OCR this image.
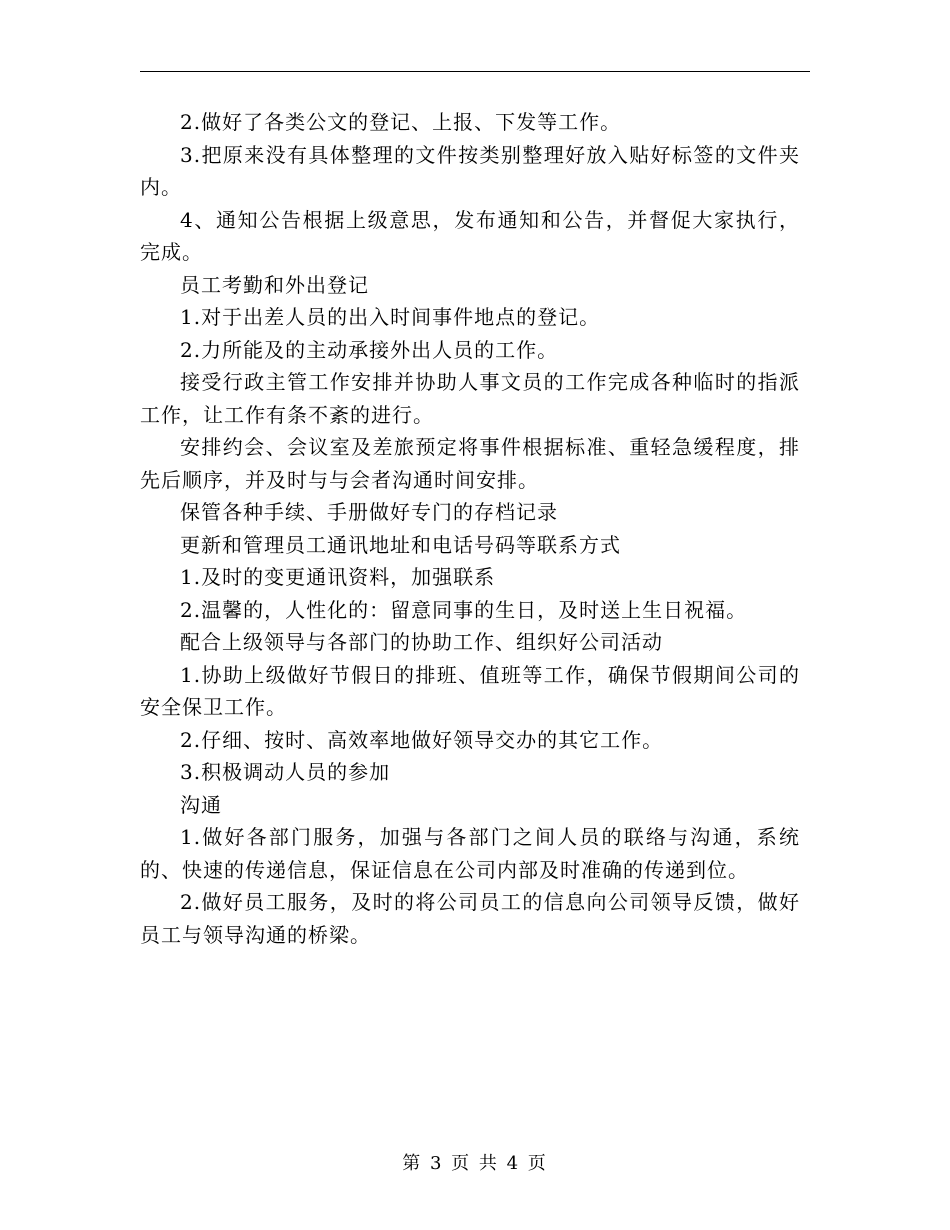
2.做好了各类公文的登记、上报、下发等工作。

3.把原来没有具体整理的文件按类别整理好放入贴好标签的文件夹内。

4、通知公告根据上级意思，发布通知和公告，并督促大家执行，完成。

员工考勤和外出登记

1.对于出差人员的出入时间事件地点的登记。

2.力所能及的主动承接外出人员的工作。

接受行政主管工作安排并协助人事文员的工作完成各种临时的指派工作，让工作有条不紊的进行。

安排约会、会议室及差旅预定将事件根据标准、重轻急缓程度，排先后顺序，并及时与与会者沟通时间安排。

保管各种手续、手册做好专门的存档记录

更新和管理员工通讯地址和电话号码等联系方式

1.及时的变更通讯资料，加强联系

2.温馨的，人性化的：留意同事的生日，及时送上生日祝福。

配合上级领导与各部门的协助工作、组织好公司活动

1.协助上级做好节假日的排班、值班等工作，确保节假期间公司的安全保卫工作。

2.仔细、按时、高效率地做好领导交办的其它工作。

3.积极调动人员的参加

沟通

1.做好各部门服务，加强与各部门之间人员的联络与沟通，系统的、快速的传递信息，保证信息在公司内部及时准确的传递到位。

2.做好员工服务，及时的将公司员工的信息向公司领导反馈，做好员工与领导沟通的桥梁。

第 3 页 共 4 页
